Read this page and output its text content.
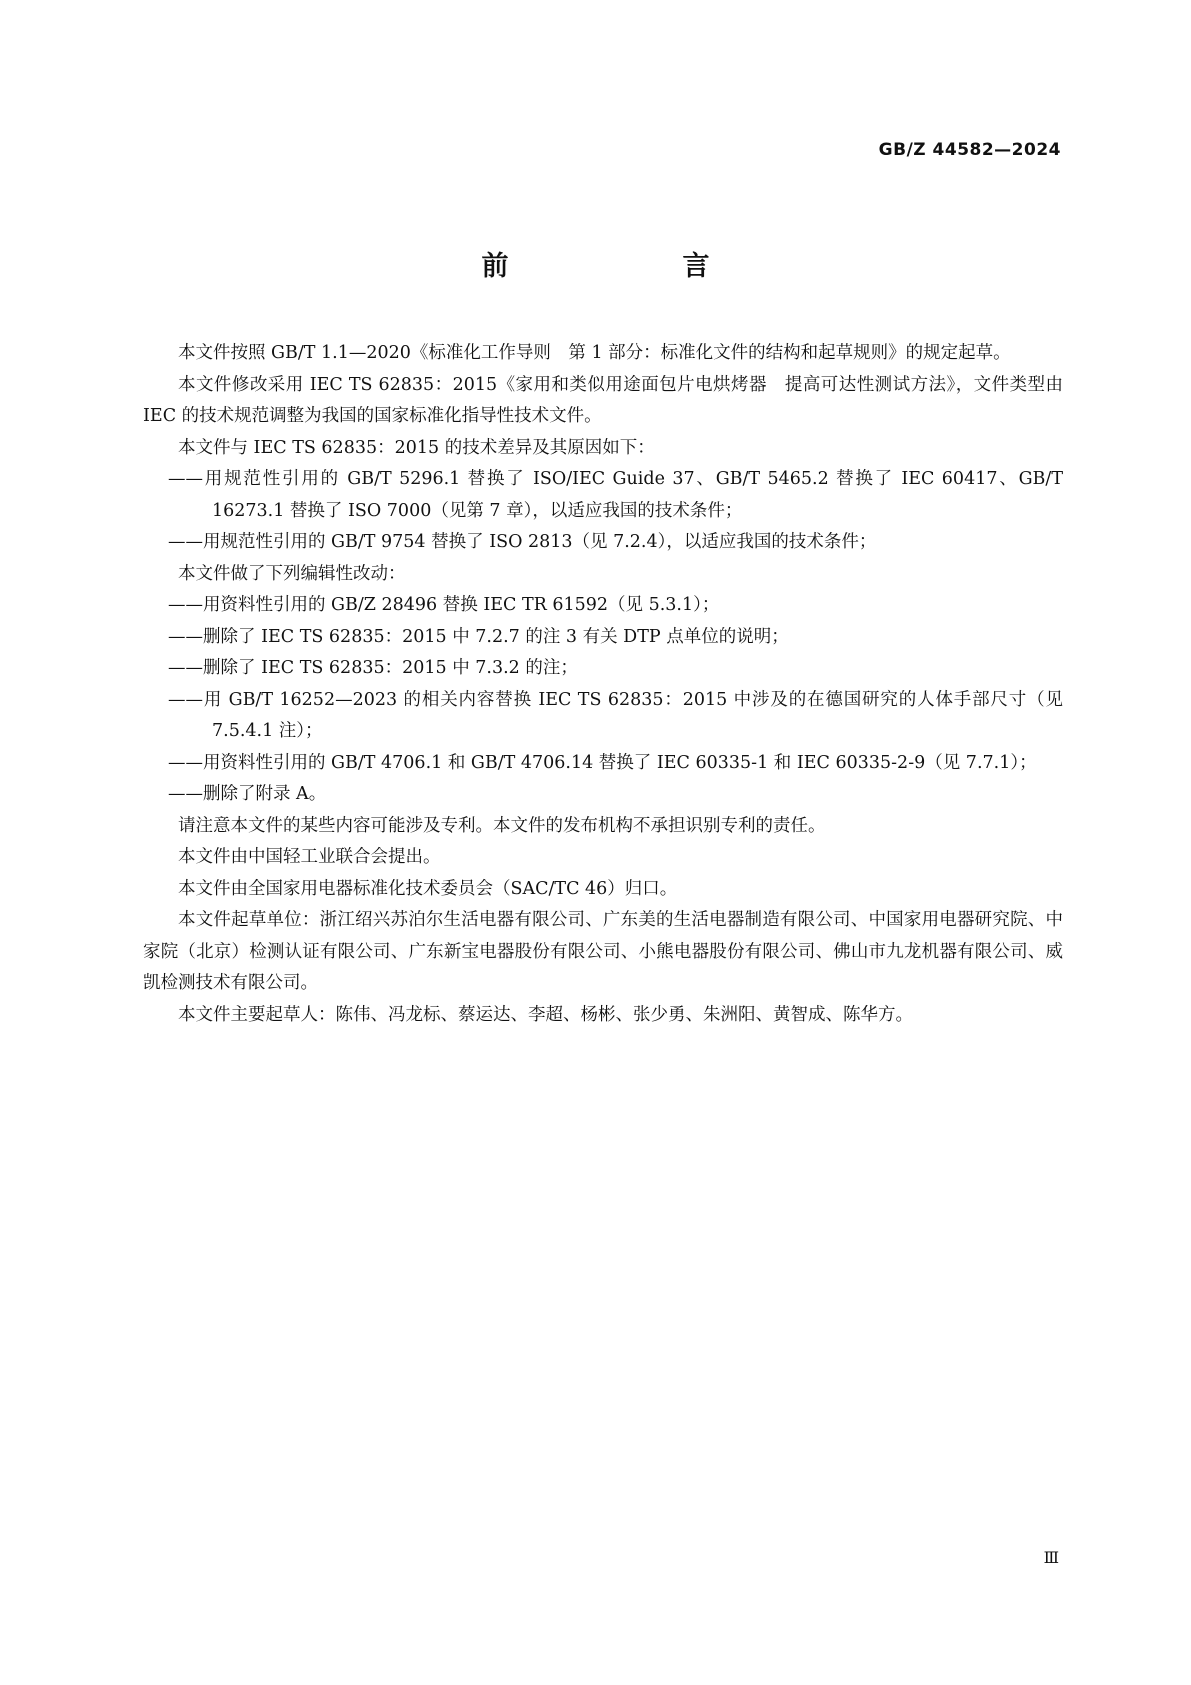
GB/Z 44582—2024
前　　言

本文件按照 GB/T 1.1—2020《标准化工作导则　第 1 部分：标准化文件的结构和起草规则》的规定起草。

本文件修改采用 IEC TS 62835：2015《家用和类似用途面包片电烘烤器　提高可达性测试方法》，文件类型由 IEC 的技术规范调整为我国的国家标准化指导性技术文件。

本文件与 IEC TS 62835：2015 的技术差异及其原因如下：

——用规范性引用的 GB/T 5296.1 替换了 ISO/IEC Guide 37、GB/T 5465.2 替换了 IEC 60417、GB/T 16273.1 替换了 ISO 7000（见第 7 章），以适应我国的技术条件；

——用规范性引用的 GB/T 9754 替换了 ISO 2813（见 7.2.4），以适应我国的技术条件；

本文件做了下列编辑性改动：

——用资料性引用的 GB/Z 28496 替换 IEC TR 61592（见 5.3.1）；

——删除了 IEC TS 62835：2015 中 7.2.7 的注 3 有关 DTP 点单位的说明；

——删除了 IEC TS 62835：2015 中 7.3.2 的注；

——用 GB/T 16252—2023 的相关内容替换 IEC TS 62835：2015 中涉及的在德国研究的人体手部尺寸（见 7.5.4.1 注）；

——用资料性引用的 GB/T 4706.1 和 GB/T 4706.14 替换了 IEC 60335-1 和 IEC 60335-2-9（见 7.7.1）；

——删除了附录 A。

请注意本文件的某些内容可能涉及专利。本文件的发布机构不承担识别专利的责任。

本文件由中国轻工业联合会提出。

本文件由全国家用电器标准化技术委员会（SAC/TC 46）归口。

本文件起草单位：浙江绍兴苏泊尔生活电器有限公司、广东美的生活电器制造有限公司、中国家用电器研究院、中家院（北京）检测认证有限公司、广东新宝电器股份有限公司、小熊电器股份有限公司、佛山市九龙机器有限公司、威凯检测技术有限公司。

本文件主要起草人：陈伟、冯龙标、蔡运达、李超、杨彬、张少勇、朱洲阳、黄智成、陈华方。

Ⅲ
